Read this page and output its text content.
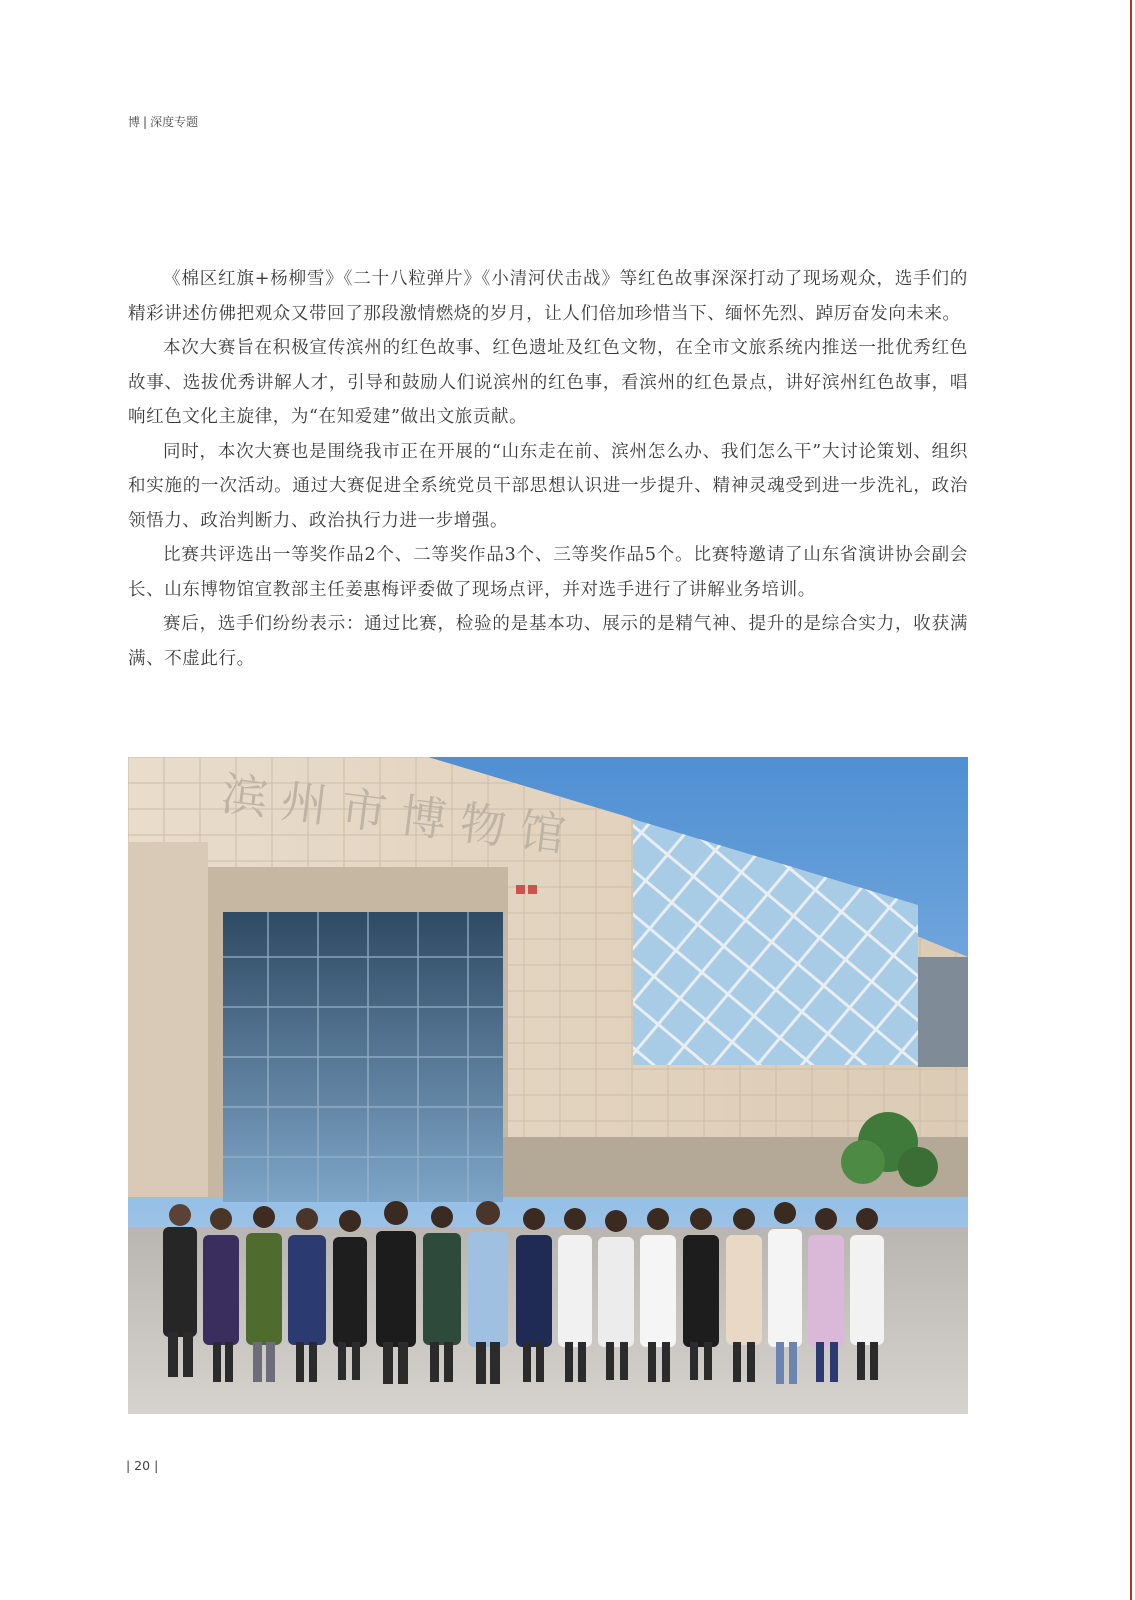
博 | 深度专题

《棉区红旗+杨柳雪》《二十八粒弹片》《小清河伏击战》等红色故事深深打动了现场观众，选手们的精彩讲述仿佛把观众又带回了那段激情燃烧的岁月，让人们倍加珍惜当下、缅怀先烈、踔厉奋发向未来。

本次大赛旨在积极宣传滨州的红色故事、红色遗址及红色文物，在全市文旅系统内推送一批优秀红色故事、选拔优秀讲解人才，引导和鼓励人们说滨州的红色事，看滨州的红色景点，讲好滨州红色故事，唱响红色文化主旋律，为“在知爱建”做出文旅贡献。

同时，本次大赛也是围绕我市正在开展的“山东走在前、滨州怎么办、我们怎么干”大讨论策划、组织和实施的一次活动。通过大赛促进全系统党员干部思想认识进一步提升、精神灵魂受到进一步洗礼，政治领悟力、政治判断力、政治执行力进一步增强。

比赛共评选出一等奖作品2个、二等奖作品3个、三等奖作品5个。比赛特邀请了山东省演讲协会副会长、山东博物馆宣教部主任姜惠梅评委做了现场点评，并对选手进行了讲解业务培训。

赛后，选手们纷纷表示：通过比赛，检验的是基本功、展示的是精气神、提升的是综合实力，收获满满、不虚此行。

滨州市博物馆
| 20 |
